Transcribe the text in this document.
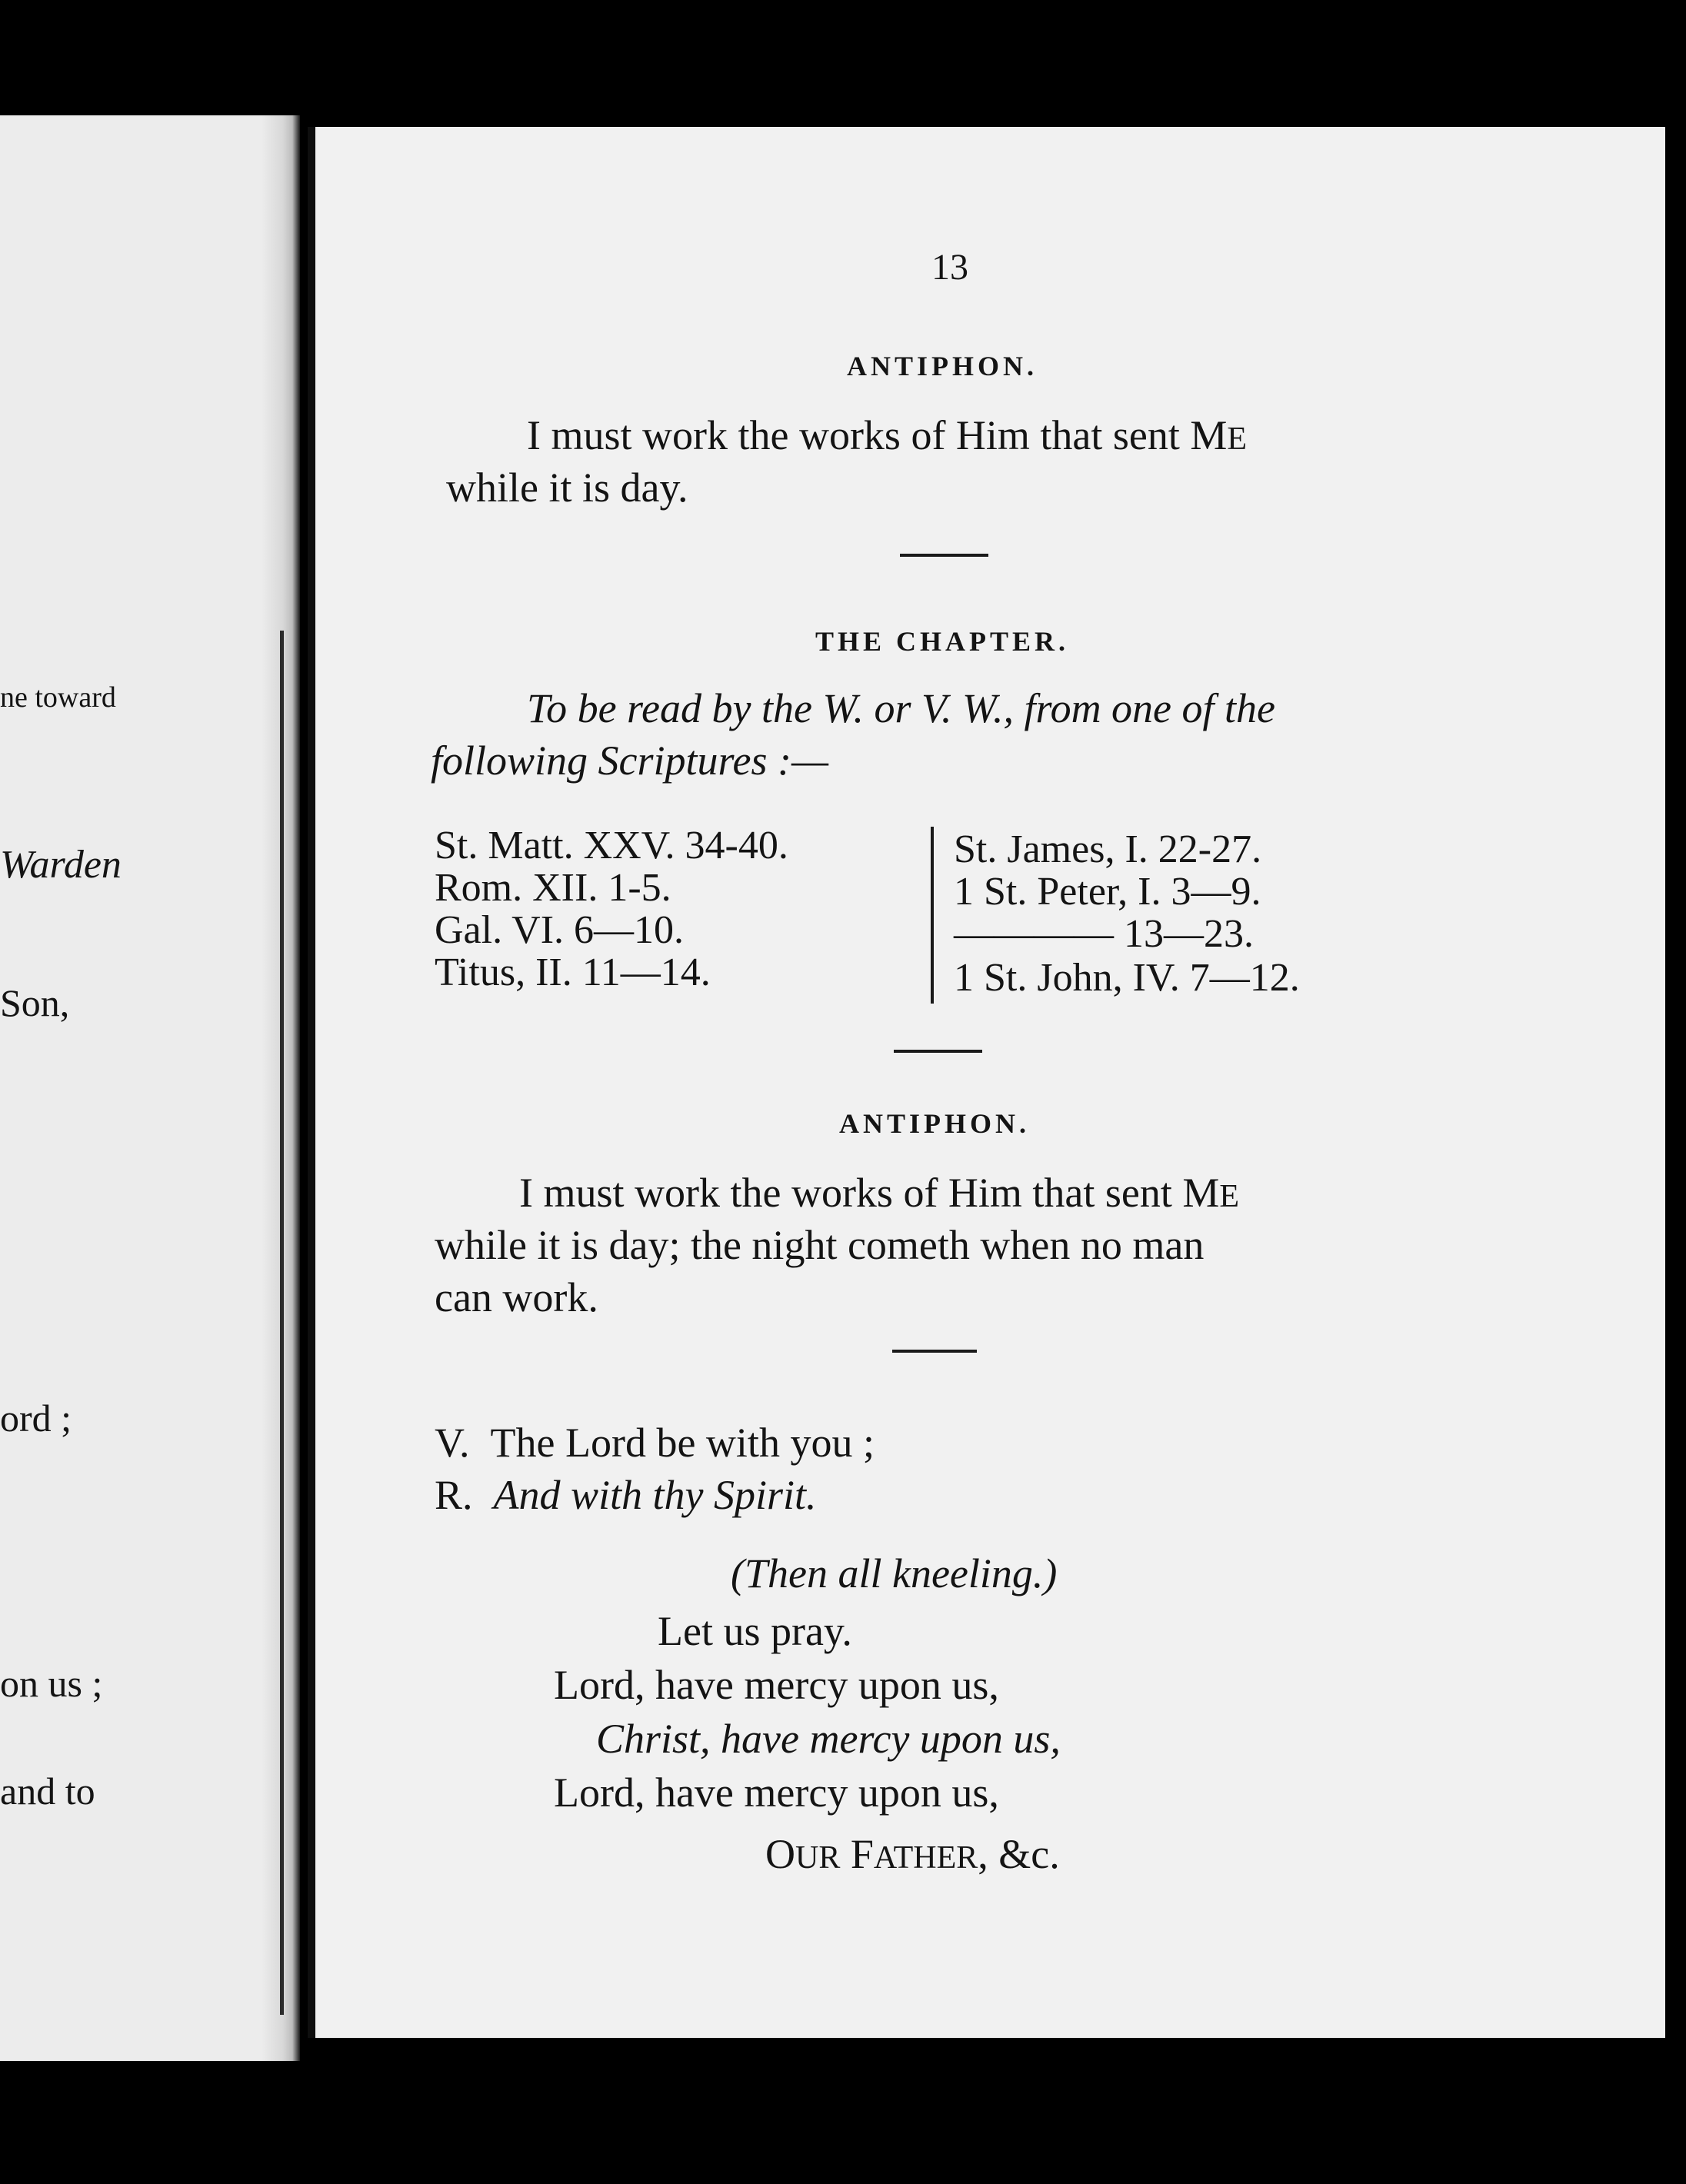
ne toward
Warden
Son,
ord ;
on us ;
and to
13
ANTIPHON.
I must work the works of Him that sent ME
while it is day.
THE CHAPTER.
To be read by the W. or V. W., from one of the
following Scriptures :—
St. Matt. XXV. 34-40.
Rom. XII. 1-5.
Gal. VI. 6—10.
Titus, II. 11—14.
St. James, I. 22-27.
1 St. Peter, I. 3—9.
———— 13—23.
1 St. John, IV. 7—12.
ANTIPHON.
I must work the works of Him that sent ME
while it is day; the night cometh when no man
can work.
V. The Lord be with you ;
R. And with thy Spirit.
(Then all kneeling.)
Let us pray.
Lord, have mercy upon us,
Christ, have mercy upon us,
Lord, have mercy upon us,
OUR FATHER, &c.
